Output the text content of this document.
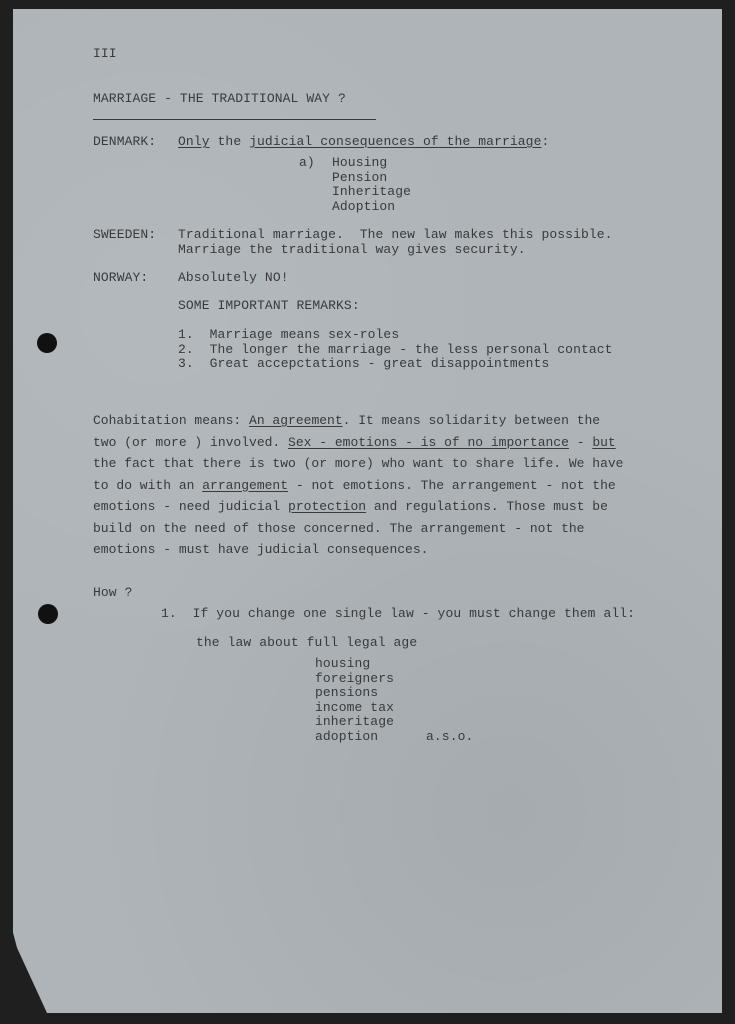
III

MARRIAGE - THE TRADITIONAL WAY ?

DENMARK: Only the judicial consequences of the marriage:

a) Housing

Pension

Inheritage

Adoption

SWEEDEN: Traditional marriage.  The new law makes this possible.

Marriage the traditional way gives security.

NORWAY: Absolutely NO!

SOME IMPORTANT REMARKS:

1.  Marriage means sex-roles

2.  The longer the marriage - the less personal contact

3.  Great accepctations - great disappointments

Cohabitation means: An agreement. It means solidarity between the
two (or more ) involved. Sex - emotions - is of no importance - but
the fact that there is two (or more) who want to share life. We have
to do with an arrangement - not emotions. The arrangement - not the
emotions - need judicial protection and regulations. Those must be
build on the need of those concerned. The arrangement - not the
emotions - must have judicial consequences.

How ?

1.  If you change one single law - you must change them all:

the law about full legal age

housing

foreigners

pensions

income tax

inheritage

adoption	a.s.o.
